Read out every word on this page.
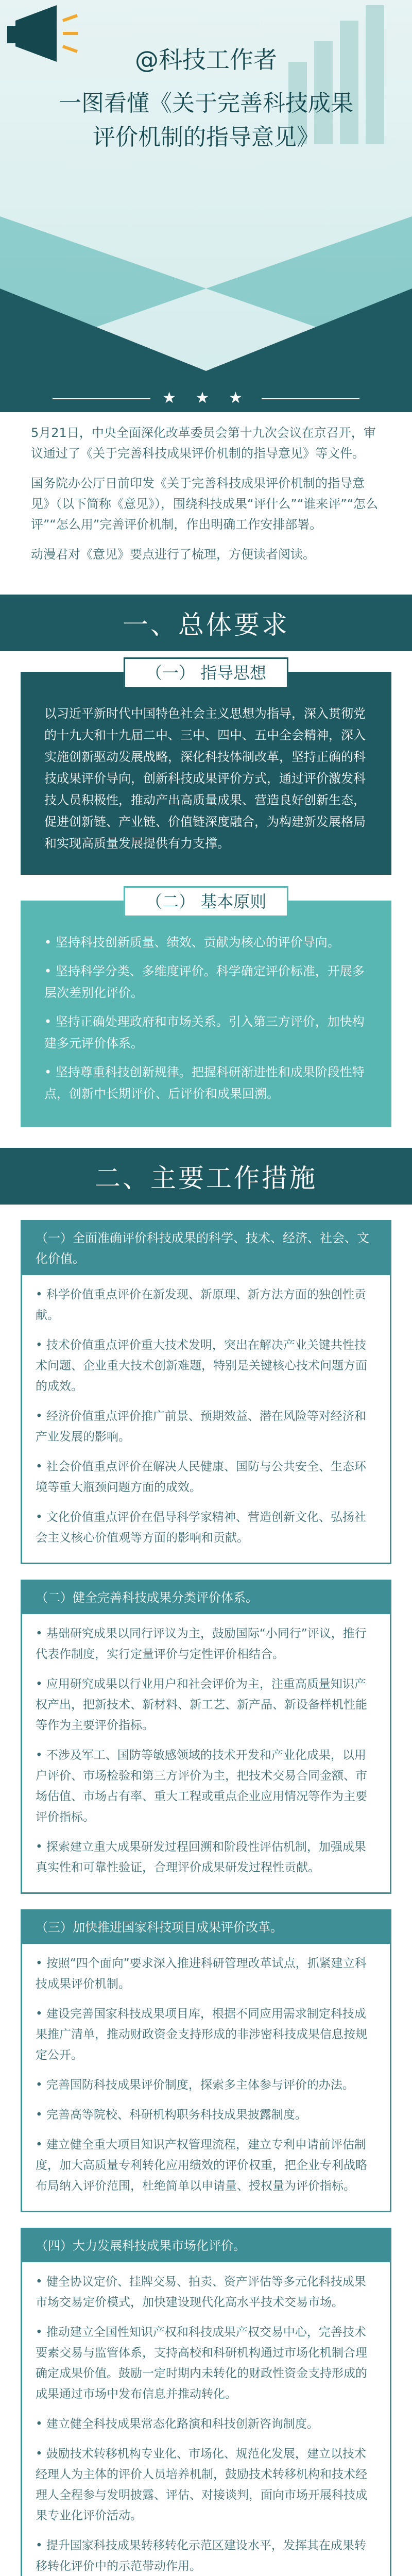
@科技工作者
一图看懂《关于完善科技成果
评价机制的指导意见》
★ ★ ★

5月21日，中央全面深化改革委员会第十九次会议在京召开，审议通过了《关于完善科技成果评价机制的指导意见》等文件。

国务院办公厅日前印发《关于完善科技成果评价机制的指导意见》（以下简称《意见》），围绕科技成果“评什么”“谁来评”“怎么评”“怎么用”完善评价机制，作出明确工作安排部署。

动漫君对《意见》要点进行了梳理，方便读者阅读。

一、总体要求
（一） 指导思想
以习近平新时代中国特色社会主义思想为指导，深入贯彻党的十九大和十九届二中、三中、四中、五中全会精神，深入实施创新驱动发展战略，深化科技体制改革，坚持正确的科技成果评价导向，创新科技成果评价方式，通过评价激发科技人员积极性，推动产出高质量成果、营造良好创新生态，促进创新链、产业链、价值链深度融合，为构建新发展格局和实现高质量发展提供有力支撑。
（二） 基本原则
• 坚持科技创新质量、绩效、贡献为核心的评价导向。
• 坚持科学分类、多维度评价。科学确定评价标准，开展多层次差别化评价。
• 坚持正确处理政府和市场关系。引入第三方评价，加快构建多元评价体系。
• 坚持尊重科技创新规律。把握科研渐进性和成果阶段性特点，创新中长期评价、后评价和成果回溯。
二、主要工作措施
（一）全面准确评价科技成果的科学、技术、经济、社会、文化价值。

• 科学价值重点评价在新发现、新原理、新方法方面的独创性贡献。

• 技术价值重点评价重大技术发明，突出在解决产业关键共性技术问题、企业重大技术创新难题，特别是关键核心技术问题方面的成效。

• 经济价值重点评价推广前景、预期效益、潜在风险等对经济和产业发展的影响。

• 社会价值重点评价在解决人民健康、国防与公共安全、生态环境等重大瓶颈问题方面的成效。

• 文化价值重点评价在倡导科学家精神、营造创新文化、弘扬社会主义核心价值观等方面的影响和贡献。

（二）健全完善科技成果分类评价体系。

• 基础研究成果以同行评议为主，鼓励国际“小同行”评议，推行代表作制度，实行定量评价与定性评价相结合。

• 应用研究成果以行业用户和社会评价为主，注重高质量知识产权产出，把新技术、新材料、新工艺、新产品、新设备样机性能等作为主要评价指标。

• 不涉及军工、国防等敏感领域的技术开发和产业化成果，以用户评价、市场检验和第三方评价为主，把技术交易合同金额、市场估值、市场占有率、重大工程或重点企业应用情况等作为主要评价指标。

• 探索建立重大成果研发过程回溯和阶段性评估机制，加强成果真实性和可靠性验证，合理评价成果研发过程性贡献。

（三）加快推进国家科技项目成果评价改革。

• 按照“四个面向”要求深入推进科研管理改革试点，抓紧建立科技成果评价机制。

• 建设完善国家科技成果项目库，根据不同应用需求制定科技成果推广清单，推动财政资金支持形成的非涉密科技成果信息按规定公开。

• 完善国防科技成果评价制度，探索多主体参与评价的办法。

• 完善高等院校、科研机构职务科技成果披露制度。

• 建立健全重大项目知识产权管理流程，建立专利申请前评估制度，加大高质量专利转化应用绩效的评价权重，把企业专利战略布局纳入评价范围，杜绝简单以申请量、授权量为评价指标。

（四）大力发展科技成果市场化评价。

• 健全协议定价、挂牌交易、拍卖、资产评估等多元化科技成果市场交易定价模式，加快建设现代化高水平技术交易市场。

• 推动建立全国性知识产权和科技成果产权交易中心，完善技术要素交易与监管体系，支持高校和科研机构通过市场化机制合理确定成果价值。鼓励一定时期内未转化的财政性资金支持形成的成果通过市场中发布信息并推动转化。

• 建立健全科技成果常态化路演和科技创新咨询制度。

• 鼓励技术转移机构专业化、市场化、规范化发展，建立以技术经理人为主体的评价人员培养机制，鼓励技术转移机构和技术经理人全程参与发明披露、评估、对接谈判，面向市场开展科技成果专业化评价活动。

• 提升国家科技成果转移转化示范区建设水平，发挥其在成果转移转化评价中的示范带动作用。
